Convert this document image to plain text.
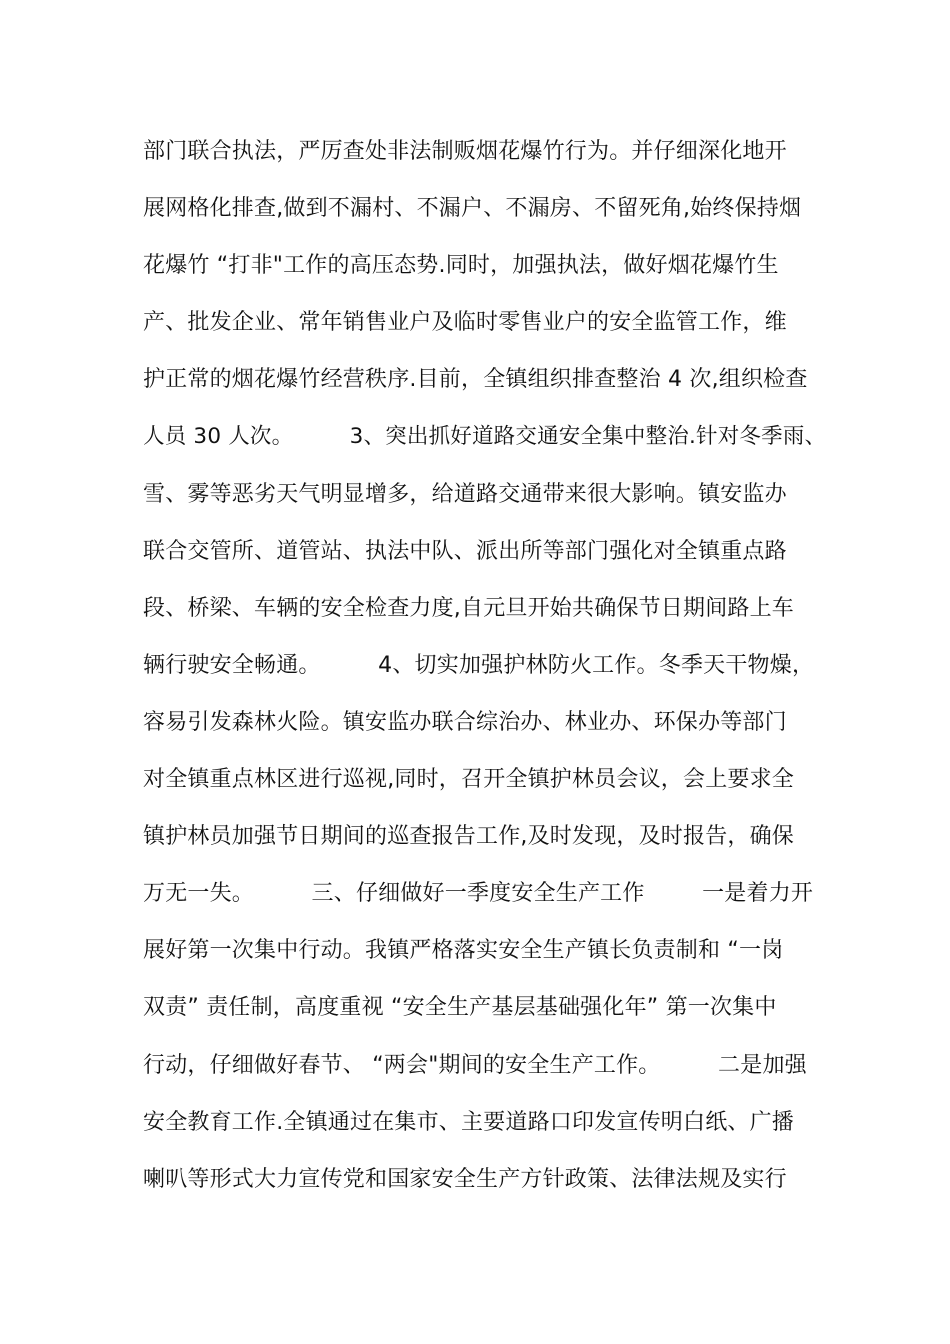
部门联合执法，严厉查处非法制贩烟花爆竹行为。并仔细深化地开
展网格化排查,做到不漏村、不漏户、不漏房、不留死角,始终保持烟
花爆竹 “打非"工作的高压态势.同时，加强执法，做好烟花爆竹生
产、批发企业、常年销售业户及临时零售业户的安全监管工作，维
护正常的烟花爆竹经营秩序.目前，全镇组织排查整治 4 次,组织检查
人员 30 人次。        3、突出抓好道路交通安全集中整治.针对冬季雨、
雪、雾等恶劣天气明显增多，给道路交通带来很大影响。镇安监办
联合交管所、道管站、执法中队、派出所等部门强化对全镇重点路
段、桥梁、车辆的安全检查力度,自元旦开始共确保节日期间路上车
辆行驶安全畅通。        4、切实加强护林防火工作。冬季天干物燥，
容易引发森林火险。镇安监办联合综治办、林业办、环保办等部门
对全镇重点林区进行巡视,同时，召开全镇护林员会议，会上要求全
镇护林员加强节日期间的巡查报告工作,及时发现，及时报告，确保
万无一失。        三、仔细做好一季度安全生产工作        一是着力开
展好第一次集中行动。我镇严格落实安全生产镇长负责制和 “一岗
双责” 责任制，高度重视 “安全生产基层基础强化年” 第一次集中
行动，仔细做好春节、 “两会"期间的安全生产工作。        二是加强
安全教育工作.全镇通过在集市、主要道路口印发宣传明白纸、广播
喇叭等形式大力宣传党和国家安全生产方针政策、法律法规及实行
